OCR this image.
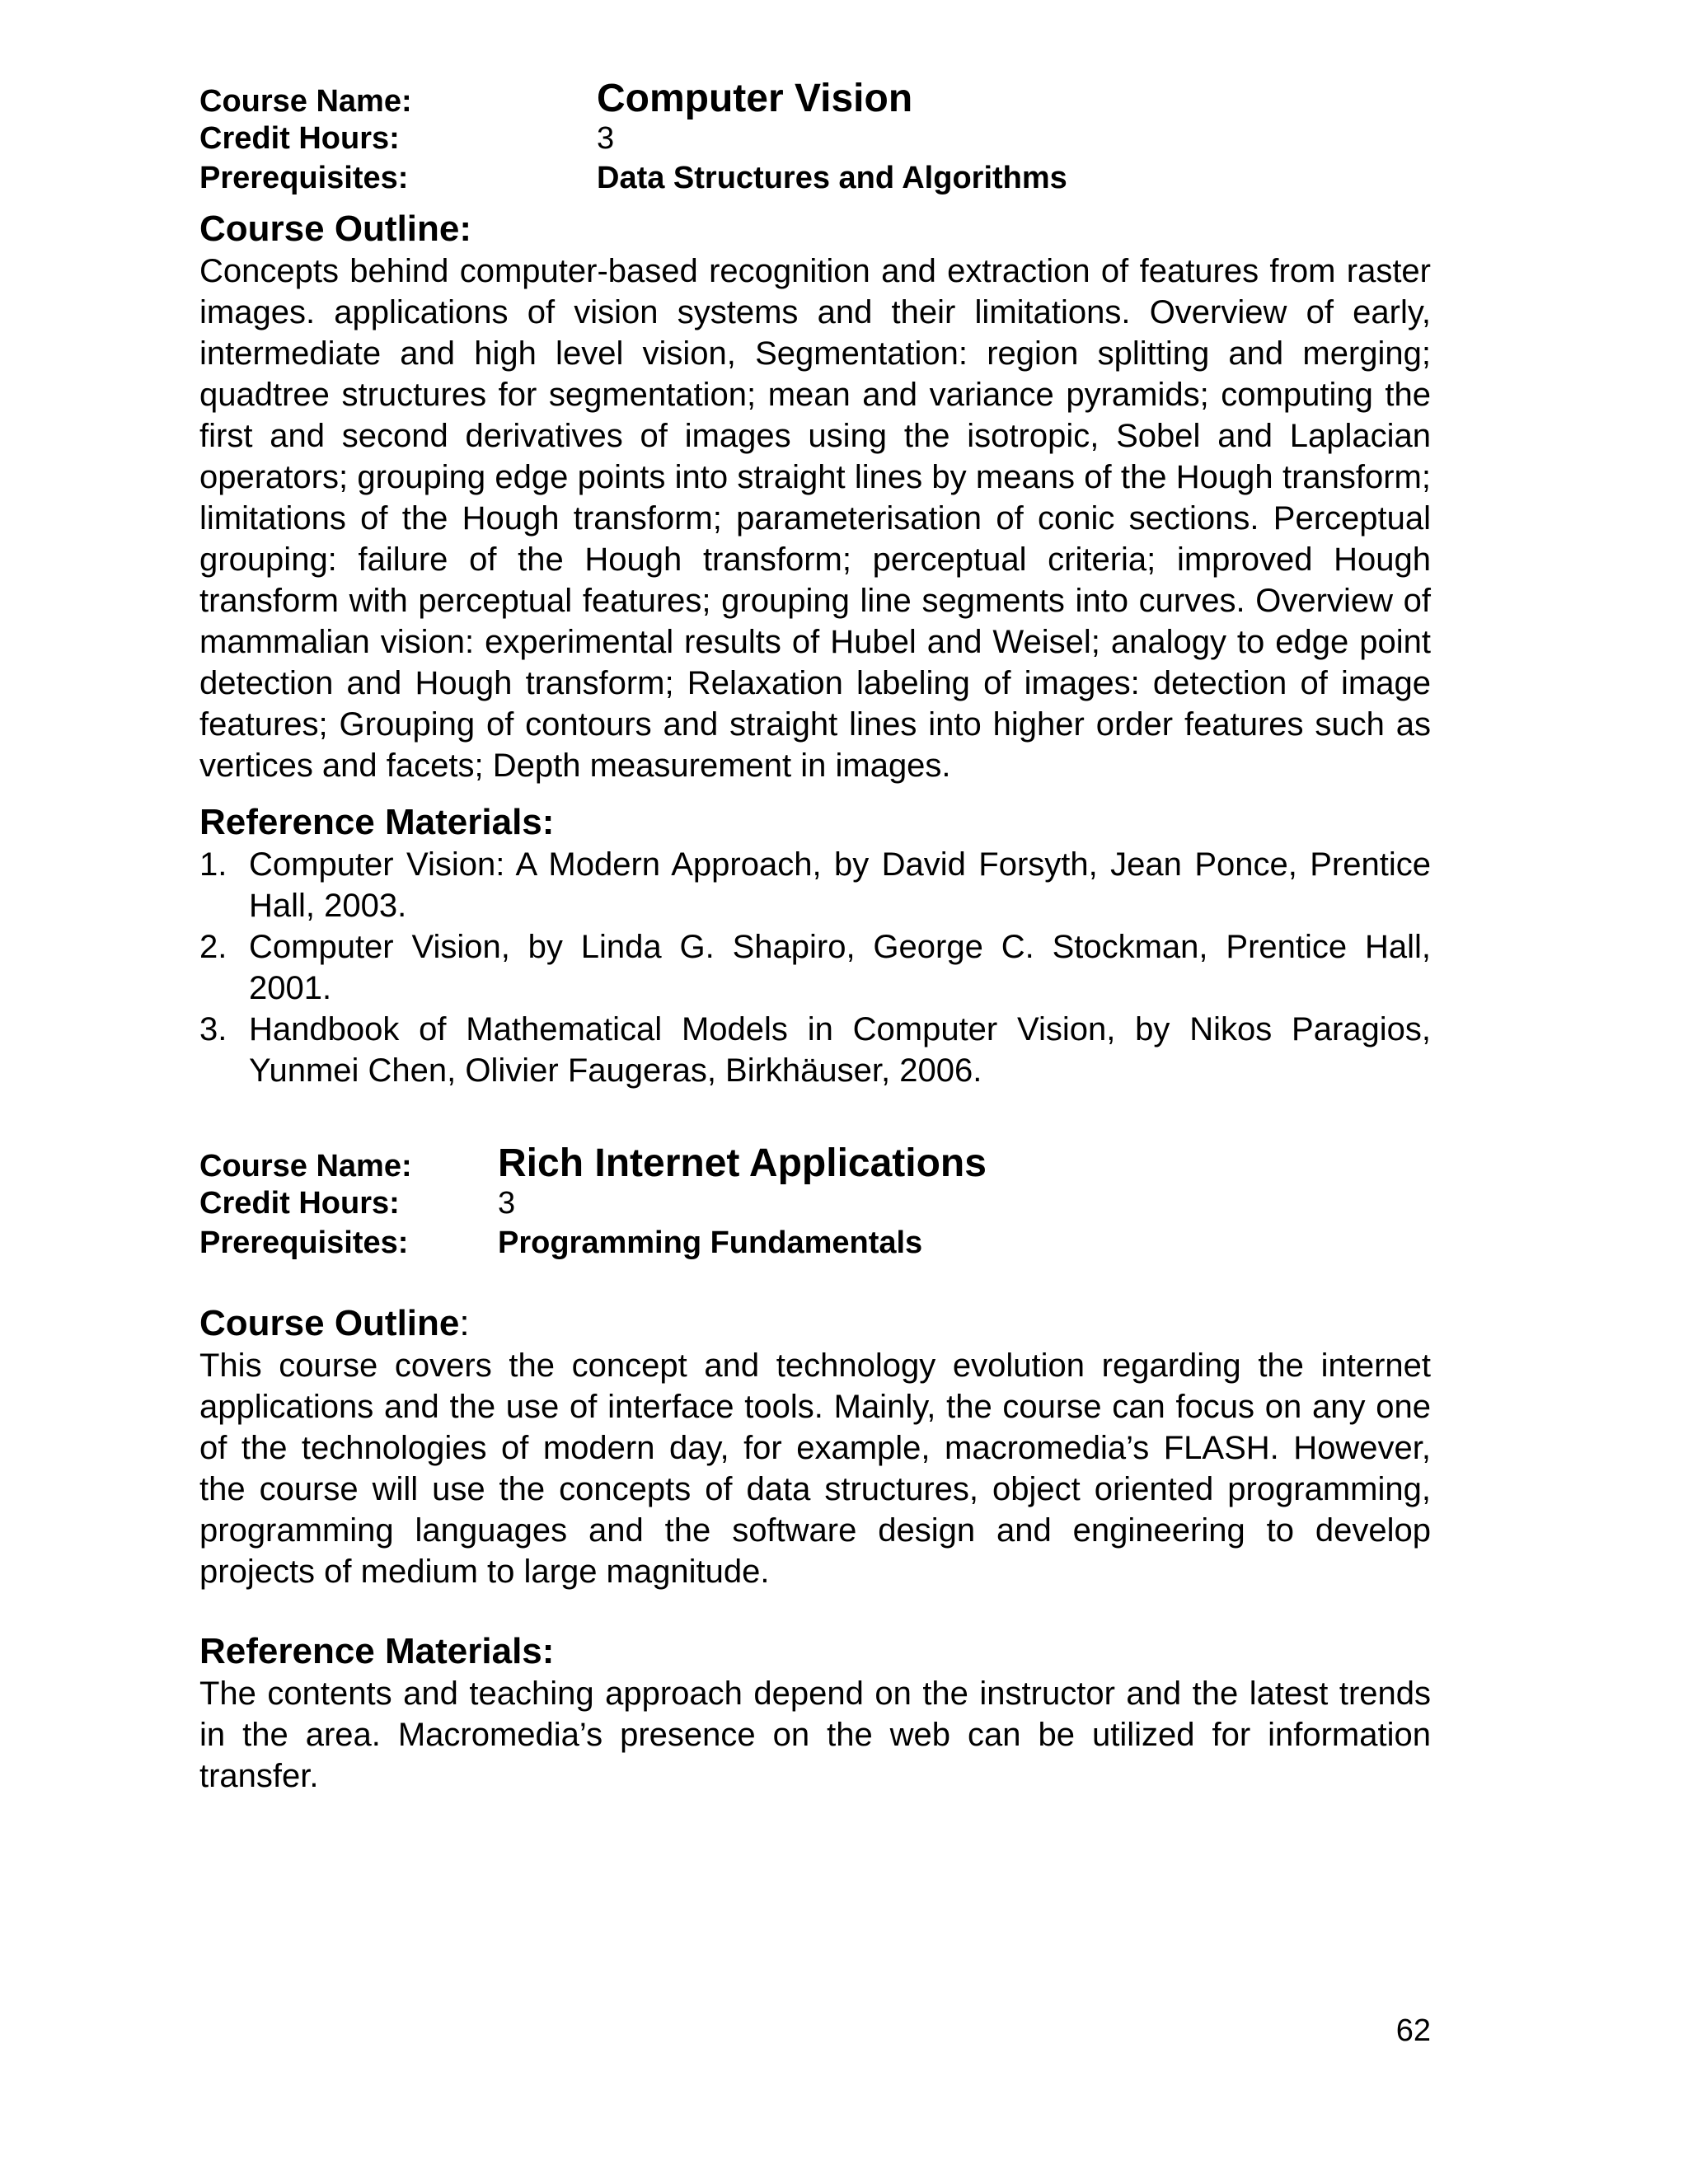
Course Name:	Computer Vision
Credit Hours:	3
Prerequisites:	Data Structures and Algorithms
Course Outline:

Concepts behind computer-based recognition and extraction of features from raster images. applications of vision systems and their limitations. Overview of early, intermediate and high level vision, Segmentation: region splitting and merging; quadtree structures for segmentation; mean and variance pyramids; computing the first and second derivatives of images using the isotropic, Sobel and Laplacian operators; grouping edge points into straight lines by means of the Hough transform; limitations of the Hough transform; parameterisation of conic sections. Perceptual grouping: failure of the Hough transform; perceptual criteria; improved Hough transform with perceptual features; grouping line segments into curves. Overview of mammalian vision: experimental results of Hubel and Weisel; analogy to edge point detection and Hough transform; Relaxation labeling of images: detection of image features; Grouping of contours and straight lines into higher order features such as vertices and facets; Depth measurement in images.

Reference Materials:
1. Computer Vision: A Modern Approach, by David Forsyth, Jean Ponce, Prentice Hall, 2003.
2. Computer Vision, by Linda G. Shapiro, George C. Stockman, Prentice Hall, 2001.
3. Handbook of Mathematical Models in Computer Vision, by Nikos Paragios, Yunmei Chen, Olivier Faugeras, Birkhäuser, 2006.
Course Name:	Rich Internet Applications
Credit Hours:	3
Prerequisites:	Programming Fundamentals
Course Outline:

This course covers the concept and technology evolution regarding the internet applications and the use of interface tools. Mainly, the course can focus on any one of the technologies of modern day, for example, macromedia’s FLASH. However, the course will use the concepts of data structures, object oriented programming, programming languages and the software design and engineering to develop projects of medium to large magnitude.

Reference Materials:

The contents and teaching approach depend on the instructor and the latest trends in the area. Macromedia’s presence on the web can be utilized for information transfer.

62
